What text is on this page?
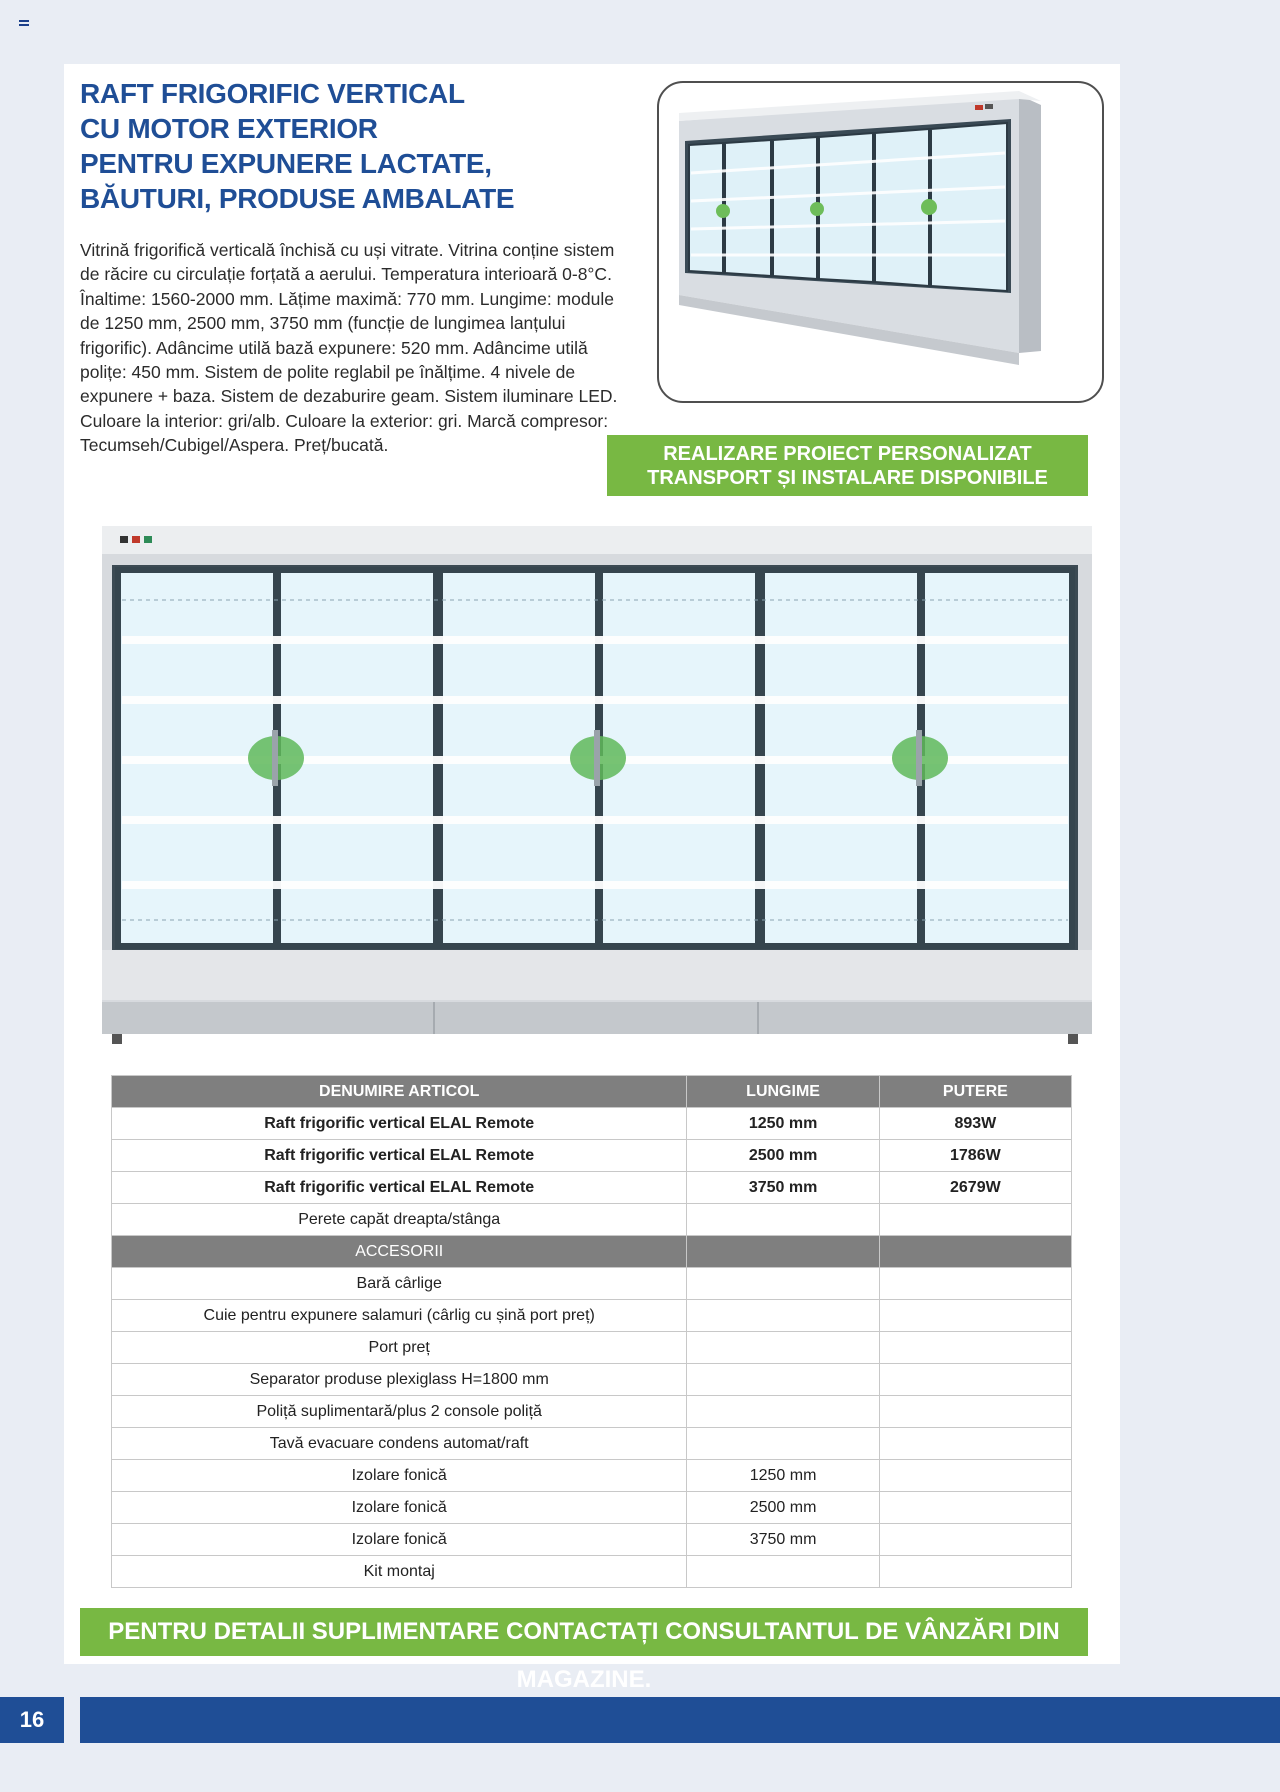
RAFT FRIGORIFIC VERTICAL
CU MOTOR EXTERIOR
PENTRU EXPUNERE LACTATE,
BĂUTURI, PRODUSE AMBALATE

Vitrină frigorifică verticală închisă cu uși vitrate. Vitrina conține sistem de răcire cu circulație forțată a aerului. Temperatura interioară 0-8°C. Înaltime: 1560-2000 mm. Lățime maximă: 770 mm. Lungime: module de 1250 mm, 2500 mm, 3750 mm (funcție de lungimea lanțului frigorific). Adâncime utilă bază expunere: 520 mm. Adâncime utilă polițe: 450 mm. Sistem de polite reglabil pe înălțime. 4 nivele de expunere + baza. Sistem de dezaburire geam. Sistem iluminare LED. Culoare la interior: gri/alb. Culoare la exterior: gri. Marcă compresor: Tecumseh/Cubigel/Aspera. Preț/bucată.	REALIZARE PROIECT PERSONALIZAT
TRANSPORT ȘI INSTALARE DISPONIBILE
DENUMIRE ARTICOL	LUNGIME	PUTERE
Raft frigorific vertical ELAL Remote	1250 mm	893W
Raft frigorific vertical ELAL Remote	2500 mm	1786W
Raft frigorific vertical ELAL Remote	3750 mm	2679W
Perete capăt dreapta/stânga		
ACCESORII		
Bară cârlige		
Cuie pentru expunere salamuri (cârlig cu șină port preț)		
Port preț		
Separator produse plexiglass H=1800 mm		
Poliță suplimentară/plus 2 console poliță		
Tavă evacuare condens automat/raft		
Izolare fonică	1250 mm	
Izolare fonică	2500 mm	
Izolare fonică	3750 mm	
Kit montaj		
PENTRU DETALII SUPLIMENTARE CONTACTAȚI CONSULTANTUL DE VÂNZĂRI DIN MAGAZINE.
16
